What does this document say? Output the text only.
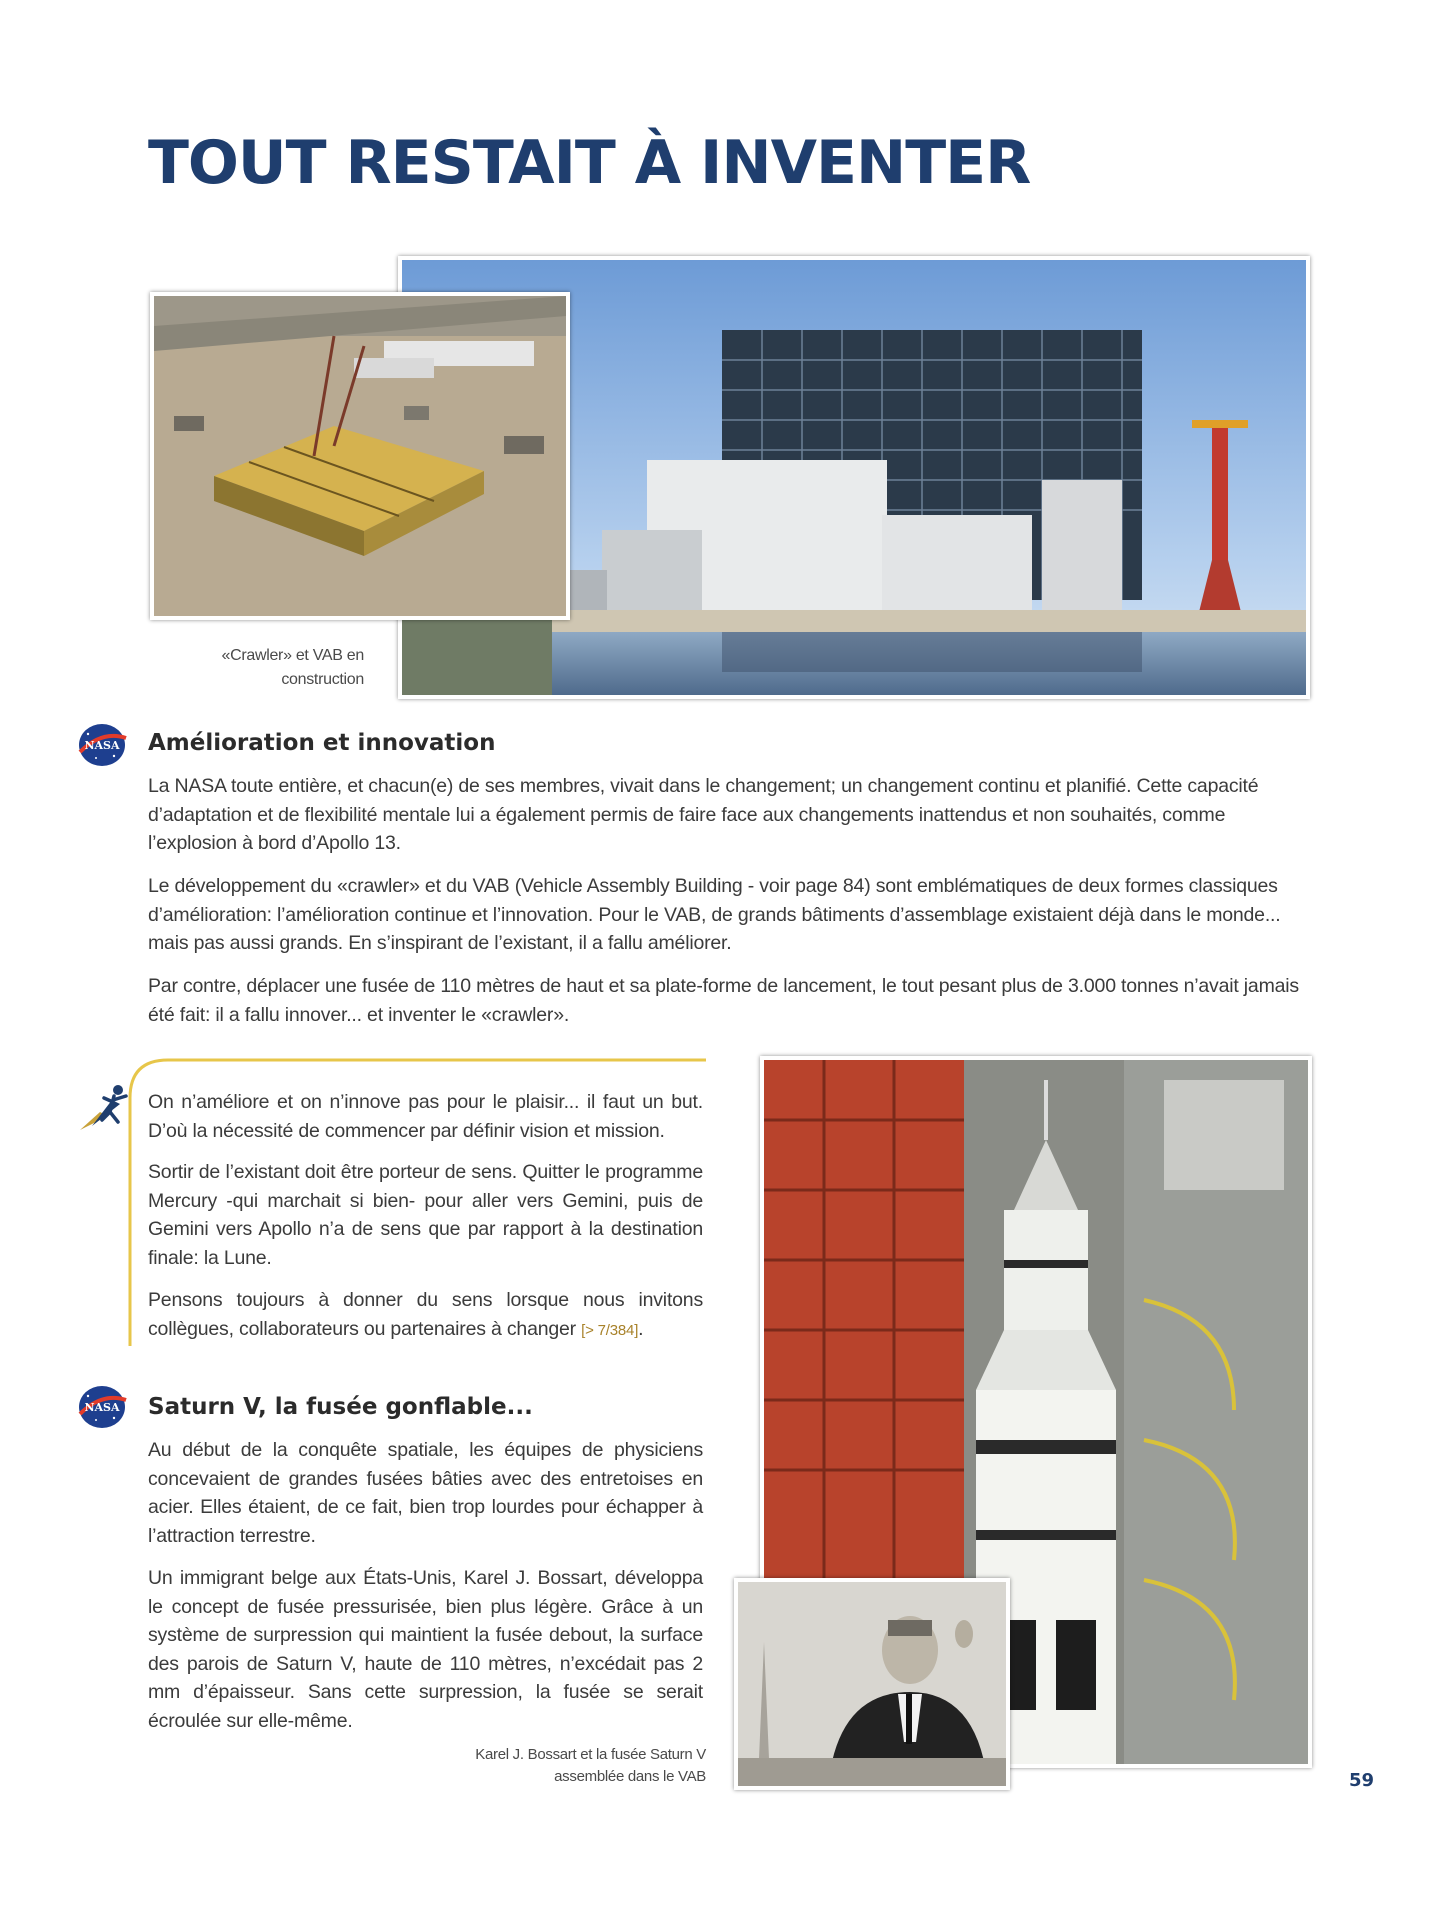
TOUT RESTAIT À INVENTER
«Crawler» et VAB en
construction
NASA Amélioration et innovation

La NASA toute entière, et chacun(e) de ses membres, vivait dans le changement; un changement continu et planifié. Cette capacité d’adaptation et de flexibilité mentale lui a également permis de faire face aux changements inattendus et non souhaités, comme l’explosion à bord d’Apollo 13.

Le développement du «crawler» et du VAB (Vehicle Assembly Building - voir page 84) sont emblématiques de deux formes classiques d’amélioration: l’amélioration continue et l’innovation. Pour le VAB, de grands bâtiments d’assemblage existaient déjà dans le monde... mais pas aussi grands. En s’inspirant de l’existant, il a fallu améliorer.

Par contre, déplacer une fusée de 110 mètres de haut et sa plate-forme de lancement, le tout pesant plus de 3.000 tonnes n’avait jamais été fait: il a fallu innover... et inventer le «crawler».

On n’améliore et on n’innove pas pour le plaisir... il faut un but. D’où la nécessité de commencer par définir vision et mission.

Sortir de l’existant doit être porteur de sens. Quitter le programme Mercury -qui marchait si bien- pour aller vers Gemini, puis de Gemini vers Apollo n’a de sens que par rapport à la destination finale: la Lune.

Pensons toujours à donner du sens lorsque nous invitons collègues, collaborateurs ou partenaires à changer [> 7/384].

NASA Saturn V, la fusée gonflable...

Au début de la conquête spatiale, les équipes de physiciens concevaient de grandes fusées bâties avec des entretoises en acier. Elles étaient, de ce fait, bien trop lourdes pour échapper à l’attraction terrestre.

Un immigrant belge aux États-Unis, Karel J. Bossart, développa le concept de fusée pressurisée, bien plus légère. Grâce à un système de surpression qui maintient la fusée debout, la surface des parois de Saturn V, haute de 110 mètres, n’excédait pas 2 mm d’épaisseur. Sans cette surpression, la fusée se serait écroulée sur elle-même.

Karel J. Bossart et la fusée Saturn V
assemblée dans le VAB	59
